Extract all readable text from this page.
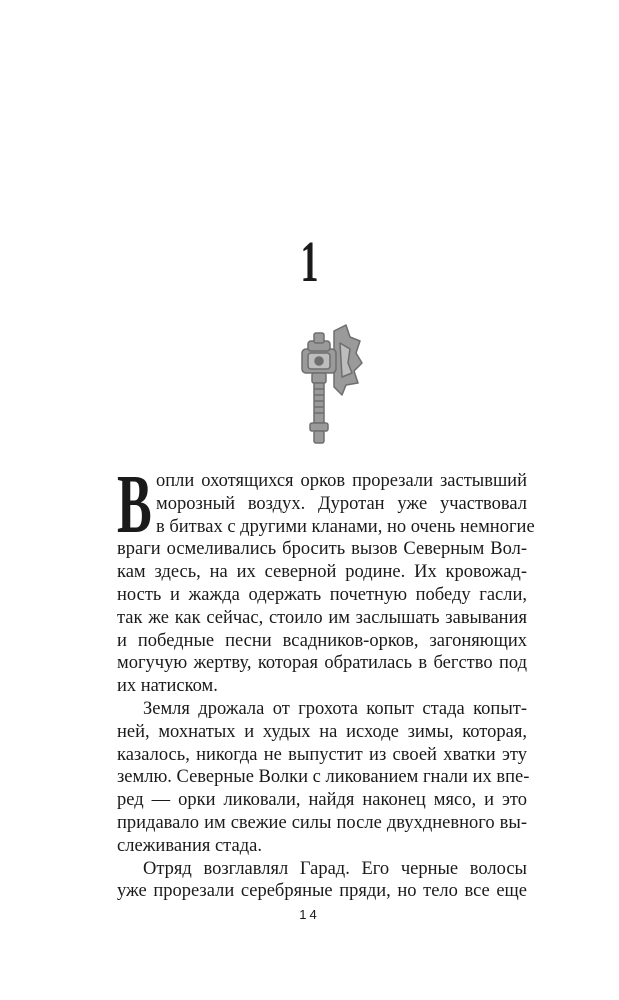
1
В опли охотящихся орков прорезали застывший
морозный воздух. Дуротан уже участвовал
в битвах с другими кланами, но очень немногие
враги осмеливались бросить вызов Северным Вол-
кам здесь, на их северной родине. Их кровожад-
ность и жажда одержать почетную победу гасли,
так же как сейчас, стоило им заслышать завывания
и победные песни всадников-орков, загоняющих
могучую жертву, которая обратилась в бегство под
их натиском.
Земля дрожала от грохота копыт стада копыт-
ней, мохнатых и худых на исходе зимы, которая,
казалось, никогда не выпустит из своей хватки эту
землю. Северные Волки с ликованием гнали их впе-
ред — орки ликовали, найдя наконец мясо, и это
придавало им свежие силы после двухдневного вы-
слеживания стада.
Отряд возглавлял Гарад. Его черные волосы
уже прорезали серебряные пряди, но тело все еще
14
